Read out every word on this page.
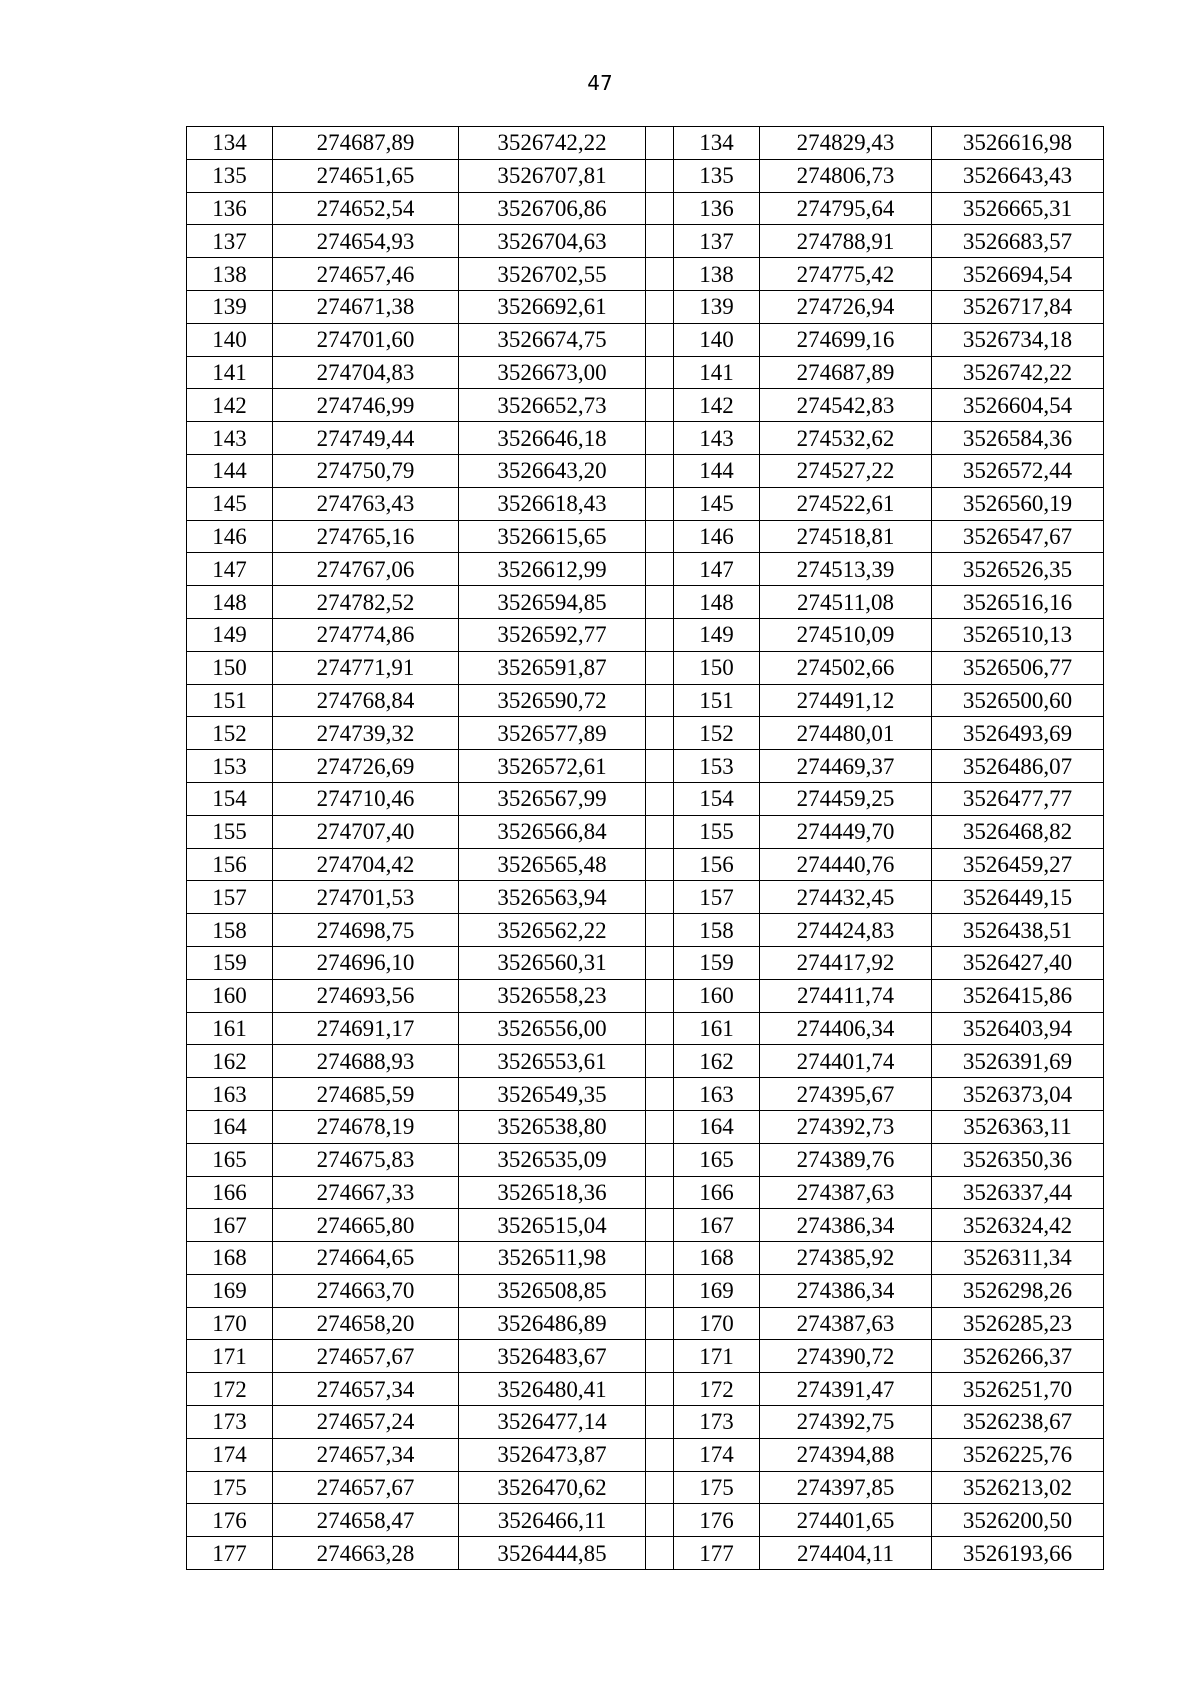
47
134	274687,89	3526742,22		134	274829,43	3526616,98
135	274651,65	3526707,81		135	274806,73	3526643,43
136	274652,54	3526706,86		136	274795,64	3526665,31
137	274654,93	3526704,63		137	274788,91	3526683,57
138	274657,46	3526702,55		138	274775,42	3526694,54
139	274671,38	3526692,61		139	274726,94	3526717,84
140	274701,60	3526674,75		140	274699,16	3526734,18
141	274704,83	3526673,00		141	274687,89	3526742,22
142	274746,99	3526652,73		142	274542,83	3526604,54
143	274749,44	3526646,18		143	274532,62	3526584,36
144	274750,79	3526643,20		144	274527,22	3526572,44
145	274763,43	3526618,43		145	274522,61	3526560,19
146	274765,16	3526615,65		146	274518,81	3526547,67
147	274767,06	3526612,99		147	274513,39	3526526,35
148	274782,52	3526594,85		148	274511,08	3526516,16
149	274774,86	3526592,77		149	274510,09	3526510,13
150	274771,91	3526591,87		150	274502,66	3526506,77
151	274768,84	3526590,72		151	274491,12	3526500,60
152	274739,32	3526577,89		152	274480,01	3526493,69
153	274726,69	3526572,61		153	274469,37	3526486,07
154	274710,46	3526567,99		154	274459,25	3526477,77
155	274707,40	3526566,84		155	274449,70	3526468,82
156	274704,42	3526565,48		156	274440,76	3526459,27
157	274701,53	3526563,94		157	274432,45	3526449,15
158	274698,75	3526562,22		158	274424,83	3526438,51
159	274696,10	3526560,31		159	274417,92	3526427,40
160	274693,56	3526558,23		160	274411,74	3526415,86
161	274691,17	3526556,00		161	274406,34	3526403,94
162	274688,93	3526553,61		162	274401,74	3526391,69
163	274685,59	3526549,35		163	274395,67	3526373,04
164	274678,19	3526538,80		164	274392,73	3526363,11
165	274675,83	3526535,09		165	274389,76	3526350,36
166	274667,33	3526518,36		166	274387,63	3526337,44
167	274665,80	3526515,04		167	274386,34	3526324,42
168	274664,65	3526511,98		168	274385,92	3526311,34
169	274663,70	3526508,85		169	274386,34	3526298,26
170	274658,20	3526486,89		170	274387,63	3526285,23
171	274657,67	3526483,67		171	274390,72	3526266,37
172	274657,34	3526480,41		172	274391,47	3526251,70
173	274657,24	3526477,14		173	274392,75	3526238,67
174	274657,34	3526473,87		174	274394,88	3526225,76
175	274657,67	3526470,62		175	274397,85	3526213,02
176	274658,47	3526466,11		176	274401,65	3526200,50
177	274663,28	3526444,85		177	274404,11	3526193,66
